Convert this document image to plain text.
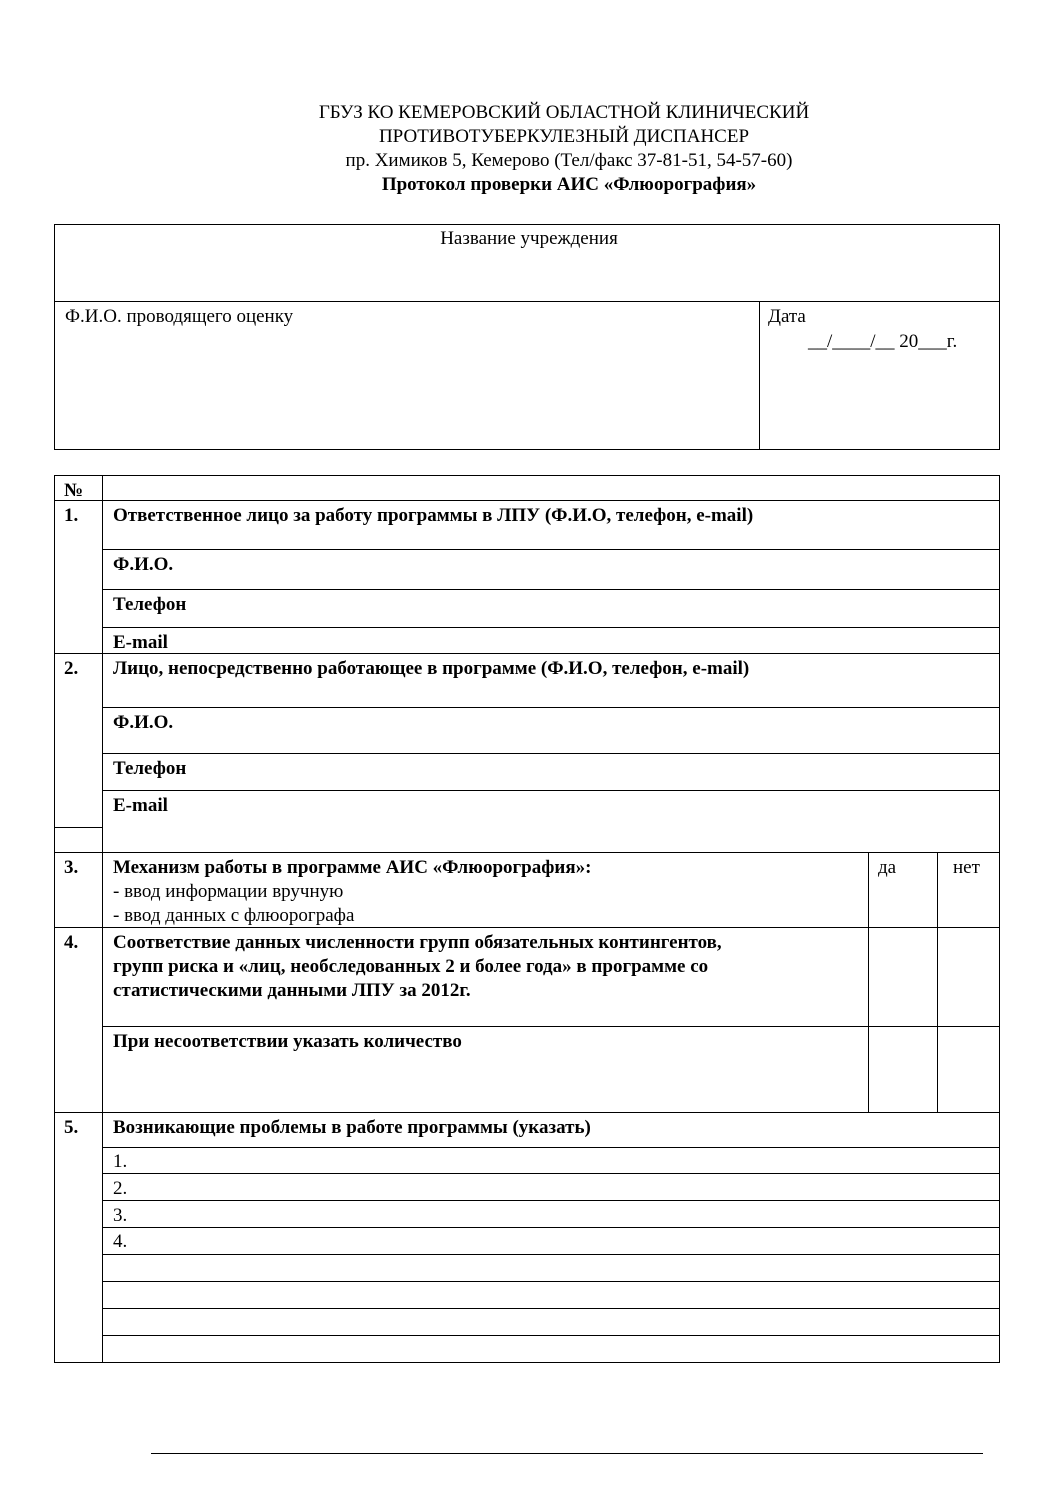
ГБУЗ КО КЕМЕРОВСКИЙ ОБЛАСТНОЙ КЛИНИЧЕСКИЙ
ПРОТИВОТУБЕРКУЛЕЗНЫЙ ДИСПАНСЕР
пр. Химиков 5, Кемерово (Тел/факс 37-81-51, 54-57-60)
Протокол проверки АИС «Флюорография»
Название учреждения
Ф.И.О. проводящего оценку	Дата
__/____/__ 20___г.
№
1. Ответственное лицо за работу программы в ЛПУ (Ф.И.О, телефон, e-mail)
Ф.И.О.
Телефон
E-mail
2. Лицо, непосредственно работающее в программе (Ф.И.О, телефон, e-mail)
Ф.И.О.
Телефон
E-mail
3. Механизм работы в программе АИС «Флюорография»:
- ввод информации вручную
- ввод данных с флюорографа
да	нет
4. Соответствие данных численности групп обязательных контингентов,
групп риска и «лиц, необследованных 2 и более года» в программе со
статистическими данными ЛПУ за 2012г.
При несоответствии указать количество
5. Возникающие проблемы в работе программы (указать)
1.
2.
3.
4.
